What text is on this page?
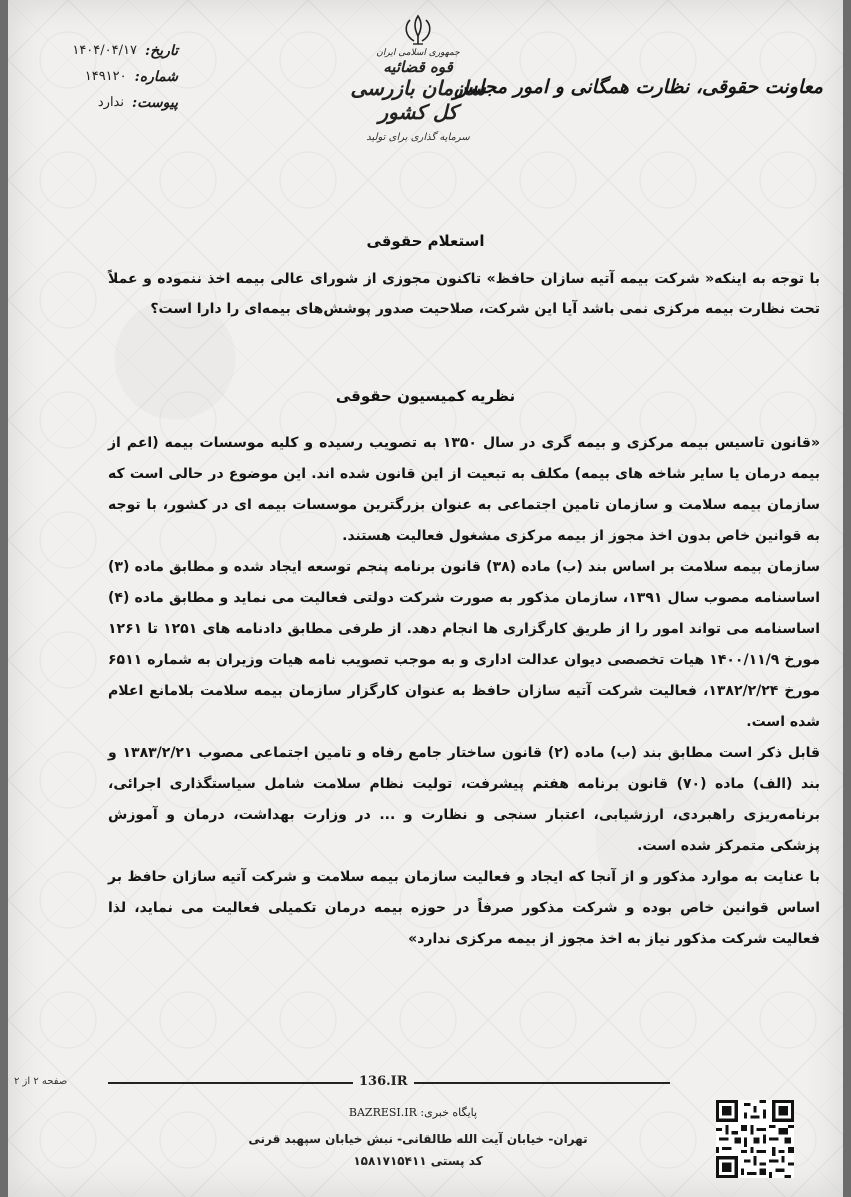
تاریخ:
۱۴۰۴/۰۴/۱۷
شماره:
۱۴۹۱۲۰
پیوست:
ندارد
جمهوری اسلامی ایران
قوه قضائیه
سازمان بازرسی کل کشور
سرمایه گذاری برای تولید
معاونت حقوقی، نظارت همگانی و امور مجلس
استعلام حقوقی
با توجه به اینکه« شرکت بیمه آتیه سازان حافظ» تاکنون مجوزی از شورای عالی بیمه اخذ ننموده و عملاً تحت نظارت بیمه مرکزی نمی باشد آیا این شرکت، صلاحیت صدور پوشش‌های بیمه‌ای را دارا است؟
نظریه کمیسیون حقوقی

«قانون تاسیس بیمه مرکزی و بیمه گری در سال ۱۳۵۰ به تصویب رسیده و کلیه موسسات بیمه (اعم از بیمه درمان یا سایر شاخه های بیمه) مکلف به تبعیت از این قانون شده اند. این موضوع در حالی است که سازمان بیمه سلامت و سازمان تامین اجتماعی به عنوان بزرگترین موسسات بیمه ای در کشور، با توجه به قوانین خاص بدون اخذ مجوز از بیمه مرکزی مشغول فعالیت هستند.

سازمان بیمه سلامت بر اساس بند (ب) ماده (۳۸) قانون برنامه پنجم توسعه ایجاد شده و مطابق ماده (۳) اساسنامه مصوب سال ۱۳۹۱، سازمان مذکور به صورت شرکت دولتی فعالیت می نماید و مطابق ماده (۴) اساسنامه می تواند امور را از طریق کارگزاری ها انجام دهد. از طرفی مطابق دادنامه های ۱۲۵۱ تا ۱۲۶۱ مورخ ۱۴۰۰/۱۱/۹ هیات تخصصی دیوان عدالت اداری و به موجب تصویب نامه هیات وزیران به شماره ۶۵۱۱ مورخ ۱۳۸۲/۲/۲۴، فعالیت شرکت آتیه سازان حافظ به عنوان کارگزار سازمان بیمه سلامت بلامانع اعلام شده است.

قابل ذکر است مطابق بند (ب) ماده (۲) قانون ساختار جامع رفاه و تامین اجتماعی مصوب ۱۳۸۳/۲/۲۱ و بند (الف) ماده (۷۰) قانون برنامه هفتم پیشرفت، تولیت نظام سلامت شامل سیاستگذاری اجرائی، برنامه‌ریزی راهبردی، ارزشیابی، اعتبار سنجی و نظارت و ... در وزارت بهداشت، درمان و آموزش پزشکی متمرکز شده است.

با عنایت به موارد مذکور و از آنجا که ایجاد و فعالیت سازمان بیمه سلامت و شرکت آتیه سازان حافظ بر اساس قوانین خاص بوده و شرکت مذکور صرفاً در حوزه بیمه درمان تکمیلی فعالیت می نماید، لذا فعالیت شرکت مذکور نیاز به اخذ مجوز از بیمه مرکزی ندارد»

صفحه ۲ از ۲	136.IR
پایگاه خبری: BAZRESI.IR
تهران- خیابان آیت الله طالقانی- نبش خیابان سپهبد قرنی
کد پستی ۱۵۸۱۷۱۵۴۱۱
